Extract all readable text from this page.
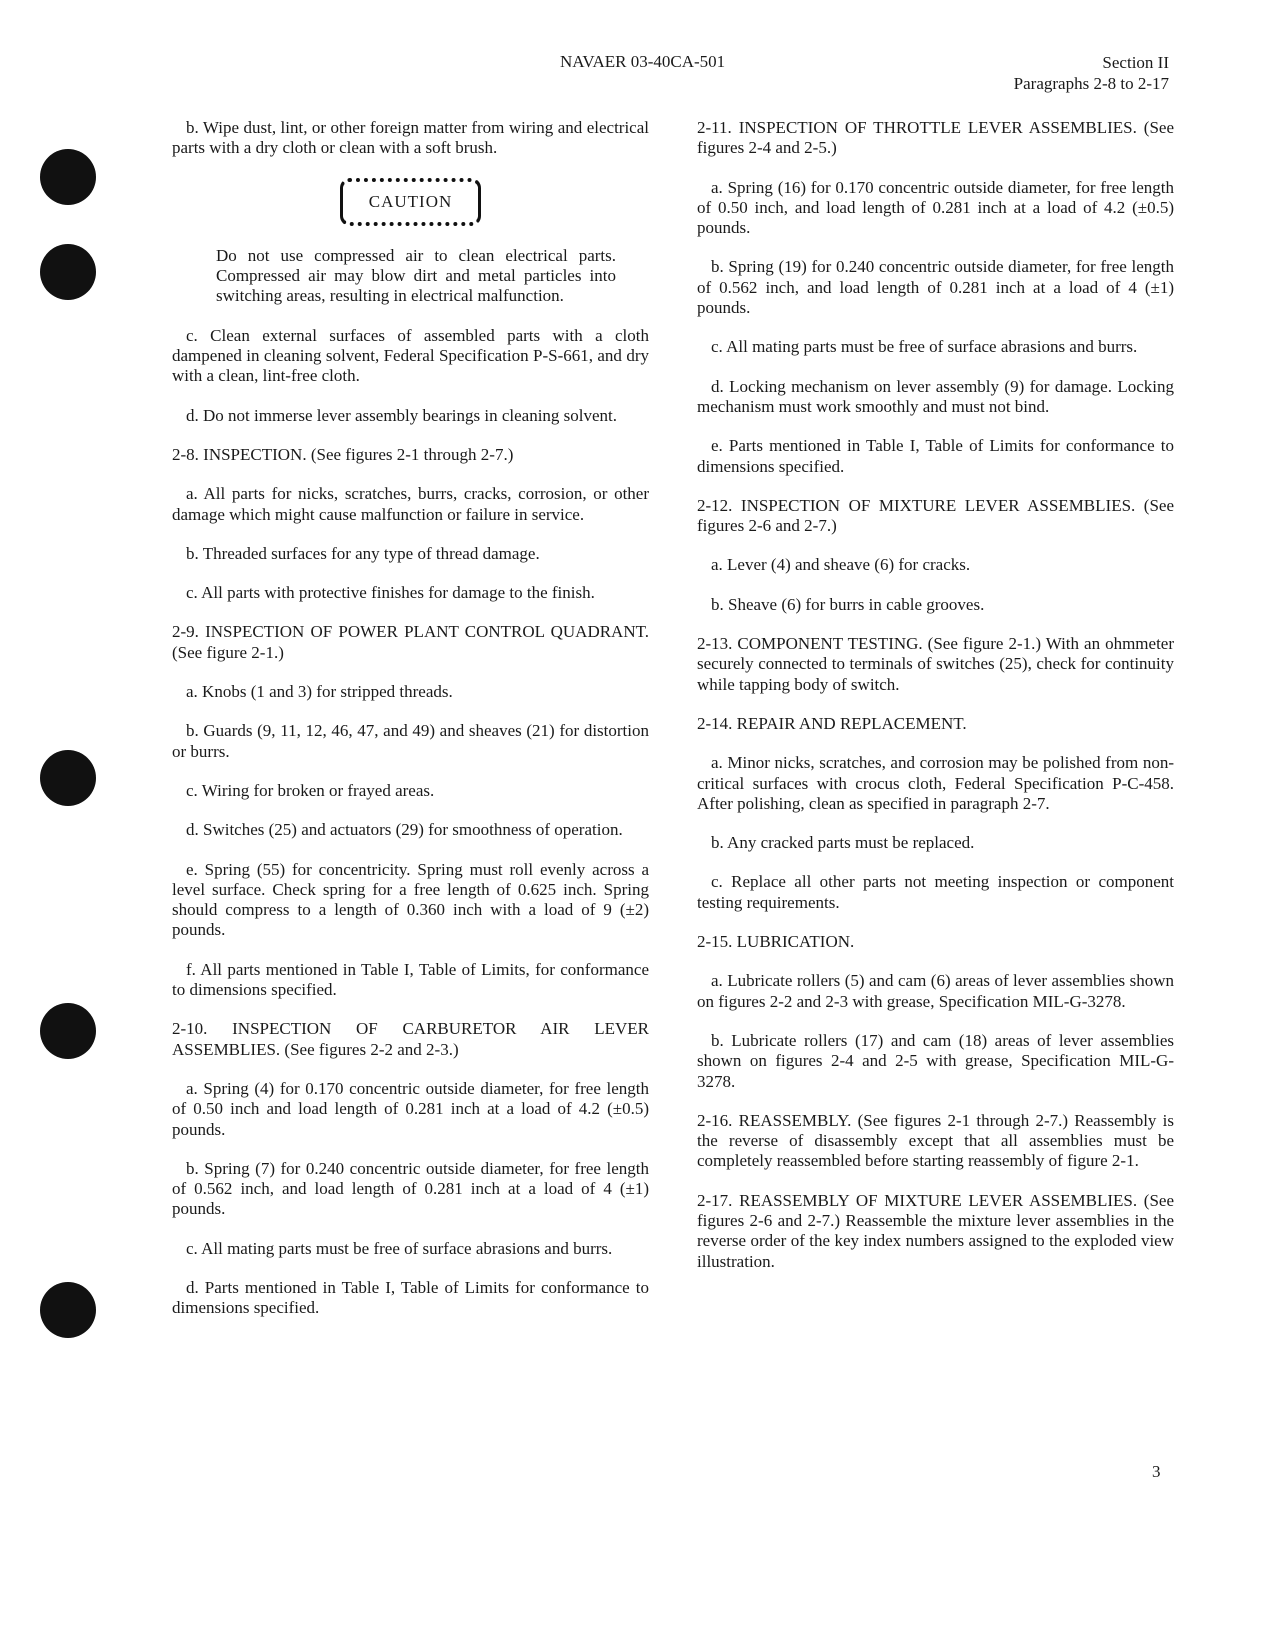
NAVAER 03-40CA-501	Section II
Paragraphs 2-8 to 2-17

b. Wipe dust, lint, or other foreign matter from wiring and electrical parts with a dry cloth or clean with a soft brush.

CAUTION

Do not use compressed air to clean electrical parts. Compressed air may blow dirt and metal particles into switching areas, resulting in electrical malfunction.

c. Clean external surfaces of assembled parts with a cloth dampened in cleaning solvent, Federal Specification P-S-661, and dry with a clean, lint-free cloth.

d. Do not immerse lever assembly bearings in cleaning solvent.

2-8. INSPECTION. (See figures 2-1 through 2-7.)

a. All parts for nicks, scratches, burrs, cracks, corrosion, or other damage which might cause malfunction or failure in service.

b. Threaded surfaces for any type of thread damage.

c. All parts with protective finishes for damage to the finish.

2-9. INSPECTION OF POWER PLANT CONTROL QUADRANT. (See figure 2-1.)

a. Knobs (1 and 3) for stripped threads.

b. Guards (9, 11, 12, 46, 47, and 49) and sheaves (21) for distortion or burrs.

c. Wiring for broken or frayed areas.

d. Switches (25) and actuators (29) for smoothness of operation.

e. Spring (55) for concentricity. Spring must roll evenly across a level surface. Check spring for a free length of 0.625 inch. Spring should compress to a length of 0.360 inch with a load of 9 (±2) pounds.

f. All parts mentioned in Table I, Table of Limits, for conformance to dimensions specified.

2-10. INSPECTION OF CARBURETOR AIR LEVER ASSEMBLIES. (See figures 2-2 and 2-3.)

a. Spring (4) for 0.170 concentric outside diameter, for free length of 0.50 inch and load length of 0.281 inch at a load of 4.2 (±0.5) pounds.

b. Spring (7) for 0.240 concentric outside diameter, for free length of 0.562 inch, and load length of 0.281 inch at a load of 4 (±1) pounds.

c. All mating parts must be free of surface abrasions and burrs.

d. Parts mentioned in Table I, Table of Limits for conformance to dimensions specified.

2-11. INSPECTION OF THROTTLE LEVER ASSEMBLIES. (See figures 2-4 and 2-5.)

a. Spring (16) for 0.170 concentric outside diameter, for free length of 0.50 inch, and load length of 0.281 inch at a load of 4.2 (±0.5) pounds.

b. Spring (19) for 0.240 concentric outside diameter, for free length of 0.562 inch, and load length of 0.281 inch at a load of 4 (±1) pounds.

c. All mating parts must be free of surface abrasions and burrs.

d. Locking mechanism on lever assembly (9) for damage. Locking mechanism must work smoothly and must not bind.

e. Parts mentioned in Table I, Table of Limits for conformance to dimensions specified.

2-12. INSPECTION OF MIXTURE LEVER ASSEMBLIES. (See figures 2-6 and 2-7.)

a. Lever (4) and sheave (6) for cracks.

b. Sheave (6) for burrs in cable grooves.

2-13. COMPONENT TESTING. (See figure 2-1.) With an ohmmeter securely connected to terminals of switches (25), check for continuity while tapping body of switch.

2-14. REPAIR AND REPLACEMENT.

a. Minor nicks, scratches, and corrosion may be polished from non-critical surfaces with crocus cloth, Federal Specification P-C-458. After polishing, clean as specified in paragraph 2-7.

b. Any cracked parts must be replaced.

c. Replace all other parts not meeting inspection or component testing requirements.

2-15. LUBRICATION.

a. Lubricate rollers (5) and cam (6) areas of lever assemblies shown on figures 2-2 and 2-3 with grease, Specification MIL-G-3278.

b. Lubricate rollers (17) and cam (18) areas of lever assemblies shown on figures 2-4 and 2-5 with grease, Specification MIL-G-3278.

2-16. REASSEMBLY. (See figures 2-1 through 2-7.) Reassembly is the reverse of disassembly except that all assemblies must be completely reassembled before starting reassembly of figure 2-1.

2-17. REASSEMBLY OF MIXTURE LEVER ASSEMBLIES. (See figures 2-6 and 2-7.) Reassemble the mixture lever assemblies in the reverse order of the key index numbers assigned to the exploded view illustration.

3
